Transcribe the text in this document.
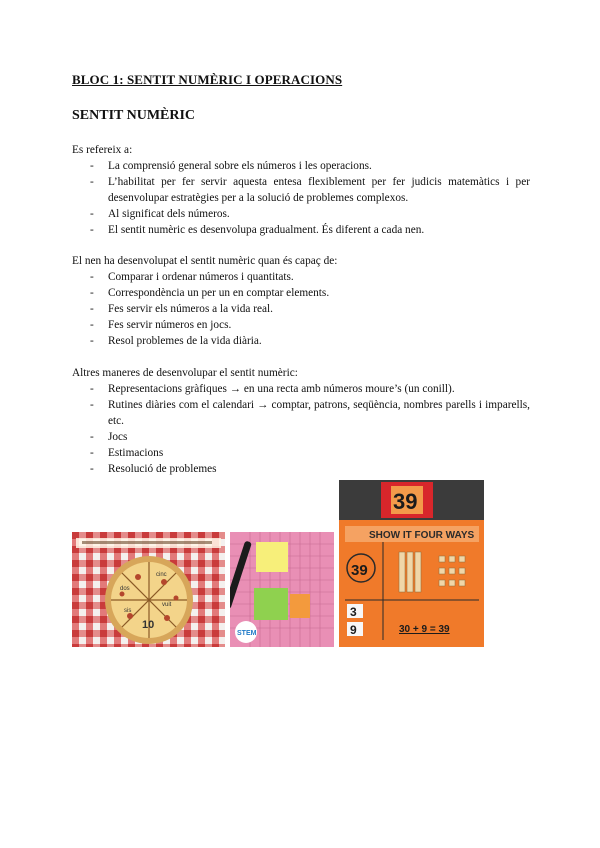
BLOC 1: SENTIT NUMÈRIC I OPERACIONS
SENTIT NUMÈRIC

Es refereix a:

- La comprensió general sobre els números i les operacions.
- L’habilitat per fer servir aquesta entesa flexiblement per fer judicis matemàtics i per desenvolupar estratègies per a la solució de problemes complexos.
- Al significat dels números.
- El sentit numèric es desenvolupa gradualment. És diferent a cada nen.

El nen ha desenvolupat el sentit numèric quan és capaç de:

- Comparar i ordenar números i quantitats.
- Correspondència un per un en comptar elements.
- Fes servir els números a la vida real.
- Fes servir números en jocs.
- Resol problemes de la vida diària.

Altres maneres de desenvolupar el sentit numèric:

- Representacions gràfiques → en una recta amb números moure’s (un conill).
- Rutines diàries com el calendari → comptar, patrons, seqüència, nombres parells i imparells, etc.
- Jocs
- Estimacions
- Resolució de problemes
10
dos
cinc
vuit
sis
STEM
39
SHOW IT FOUR WAYS
39
3
9	30 + 9 = 39
